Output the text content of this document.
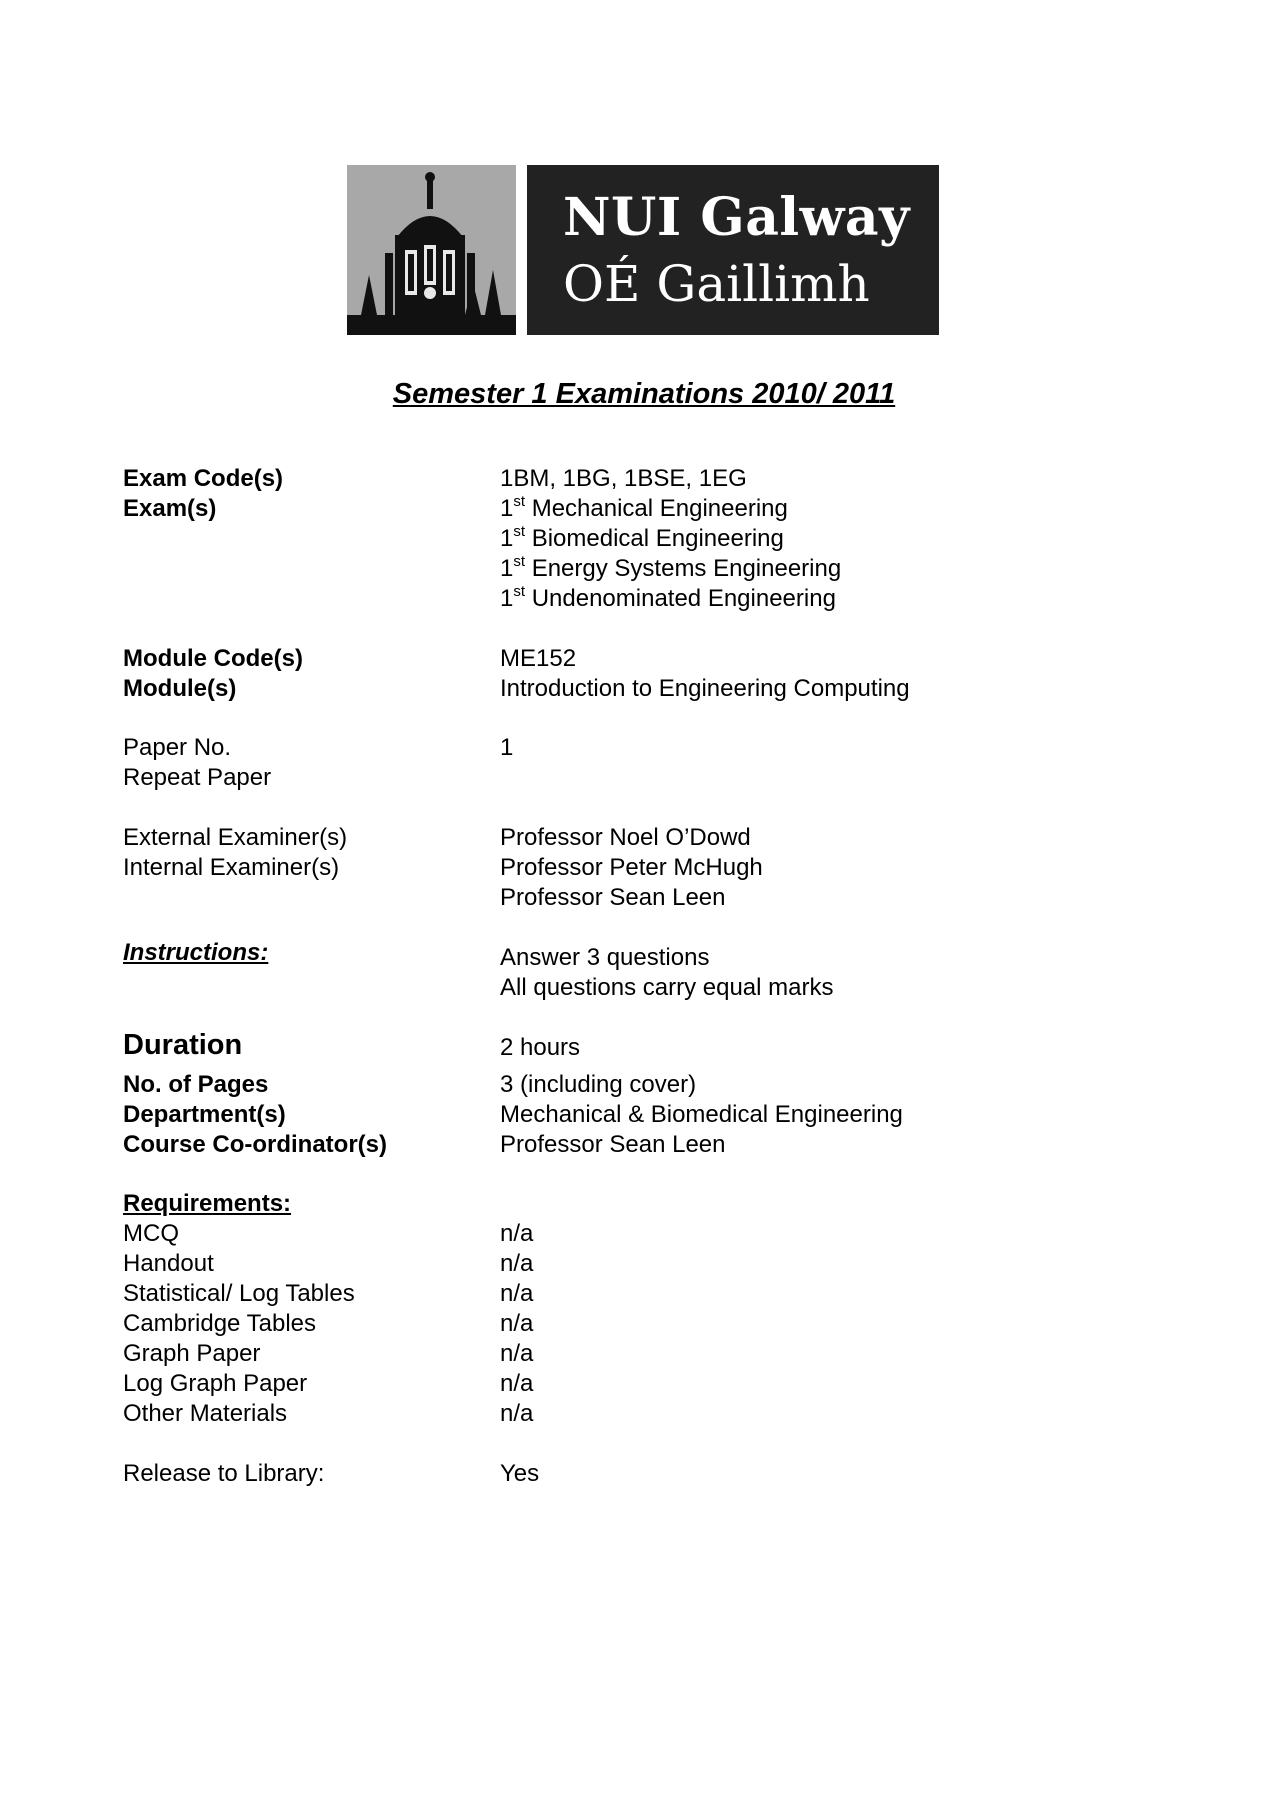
NUI Galway
OÉ Gaillimh
Semester 1 Examinations 2010/ 2011
Exam Code(s)	1BM, 1BG, 1BSE, 1EG
Exam(s)	1st Mechanical Engineering
1st Biomedical Engineering
1st Energy Systems Engineering
1st Undenominated Engineering
Module Code(s)	ME152
Module(s)	Introduction to Engineering Computing
Paper No.	1
Repeat Paper
External Examiner(s)	Professor Noel O’Dowd
Internal Examiner(s)	Professor Peter McHugh
Professor Sean Leen
Instructions:	Answer 3 questions
All questions carry equal marks
Duration	2 hours
No. of Pages	3 (including cover)
Department(s)	Mechanical & Biomedical Engineering
Course Co-ordinator(s)	Professor Sean Leen
Requirements:
MCQ	n/a
Handout	n/a
Statistical/ Log Tables	n/a
Cambridge Tables	n/a
Graph Paper	n/a
Log Graph Paper	n/a
Other Materials	n/a
Release to Library:	Yes
